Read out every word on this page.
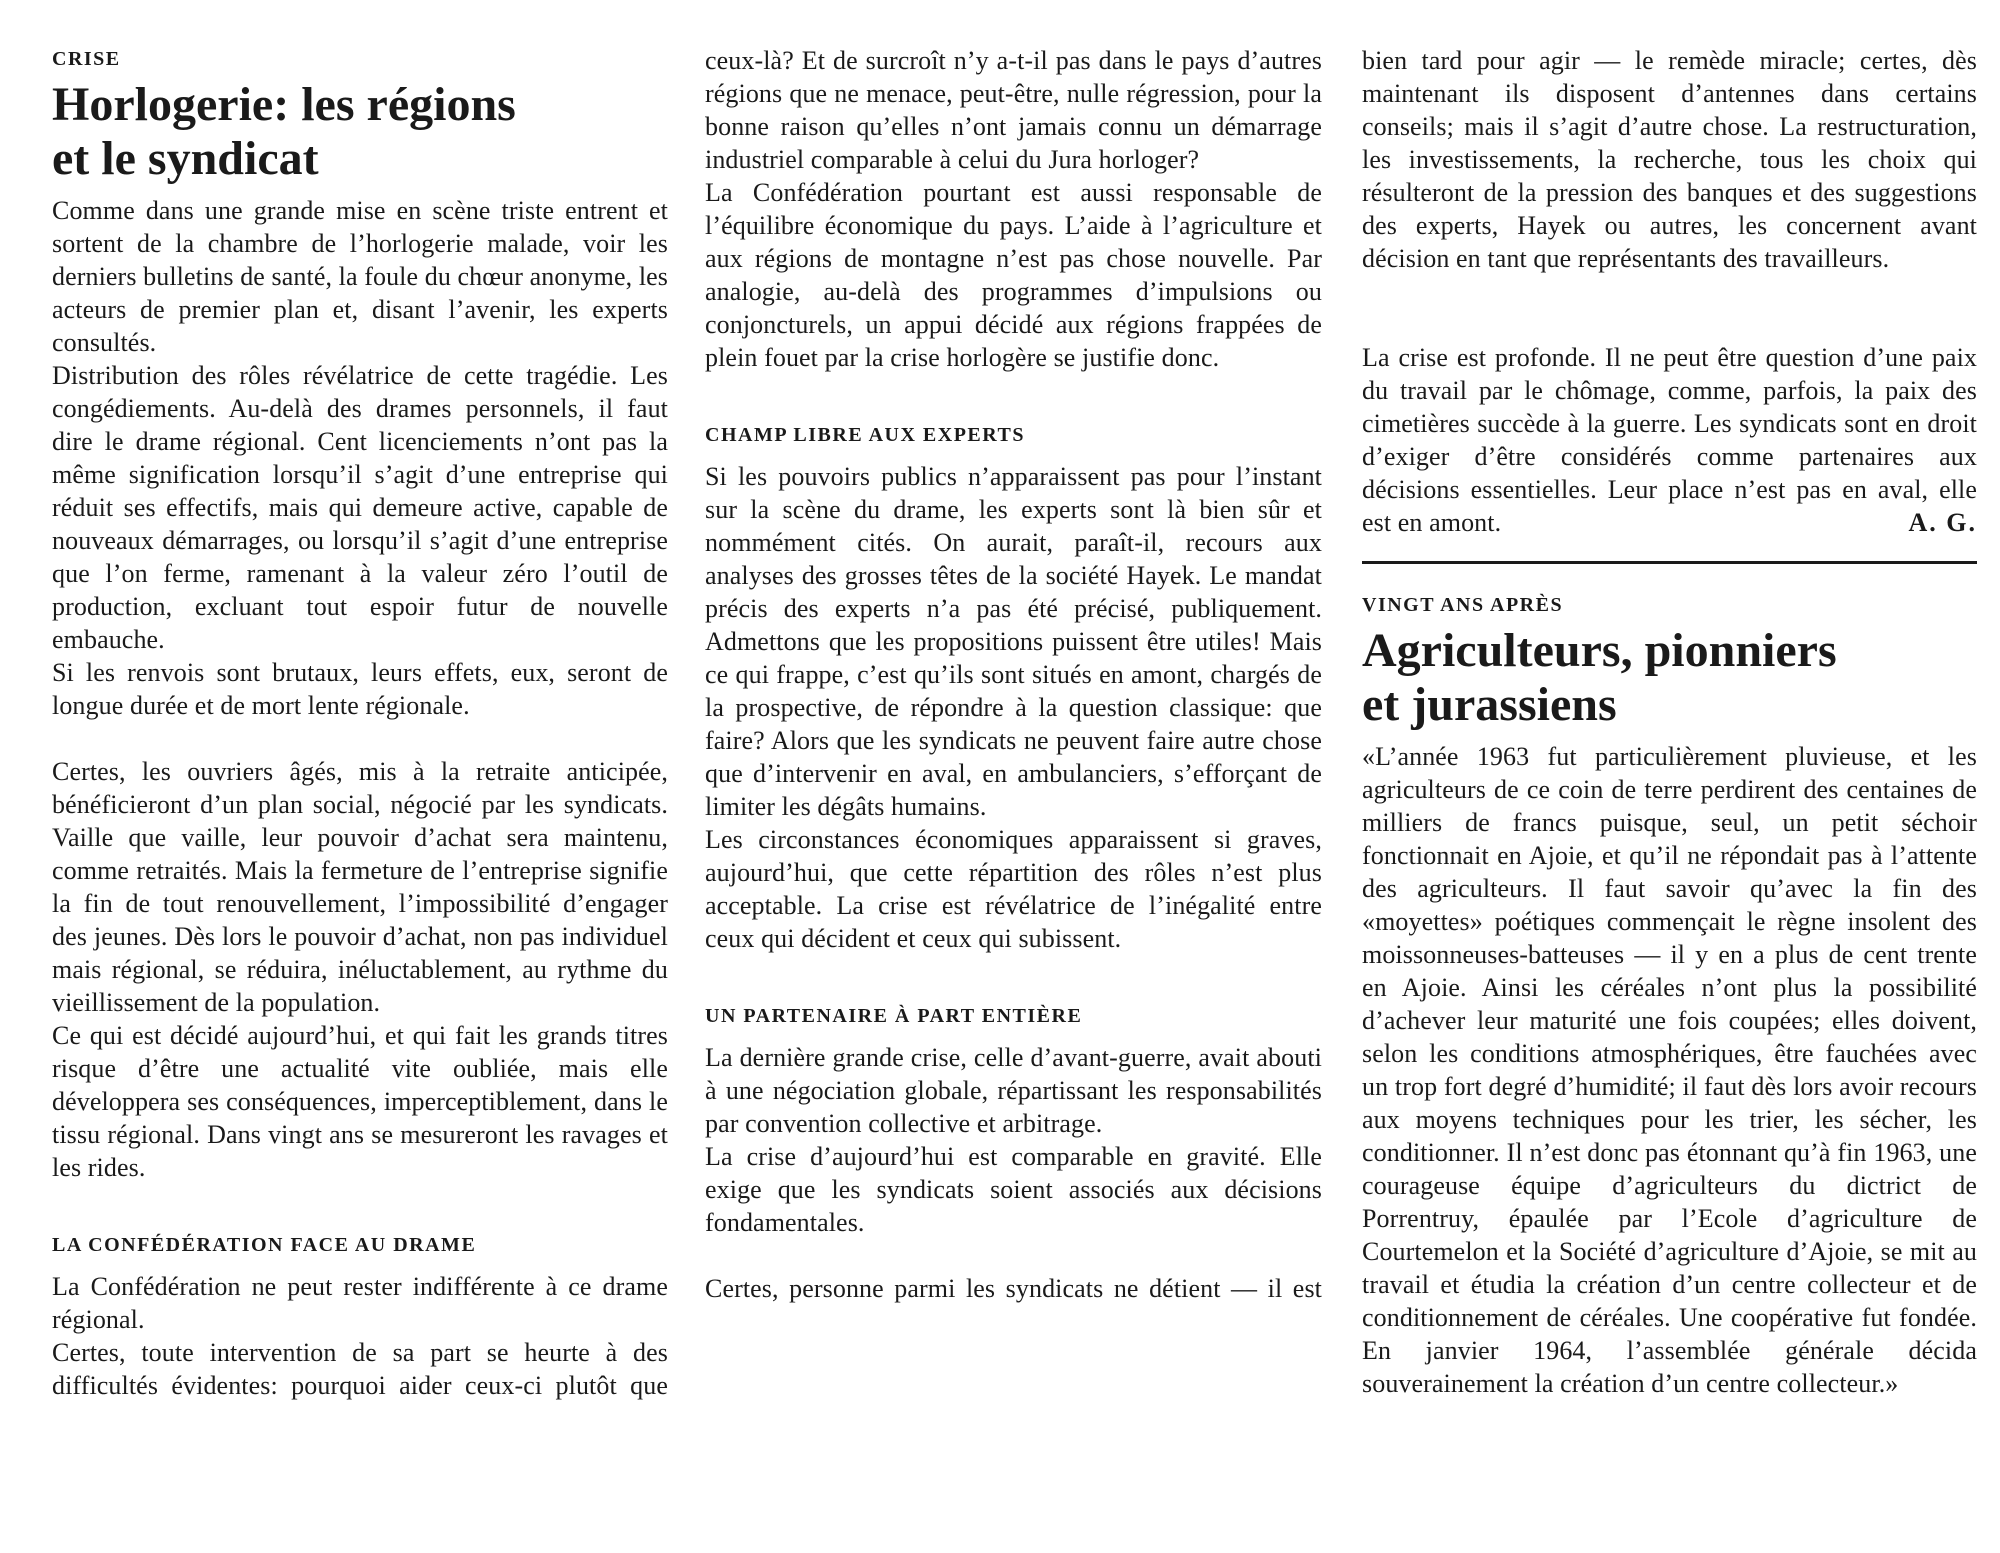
CRISE
Horlogerie: les régions
et le syndicat

Comme dans une grande mise en scène triste entrent et sortent de la chambre de l’horlogerie malade, voir les derniers bulletins de santé, la foule du chœur anonyme, les acteurs de premier plan et, disant l’avenir, les experts consultés.

Distribution des rôles révélatrice de cette tragédie. Les congédiements. Au-delà des drames personnels, il faut dire le drame régional. Cent licenciements n’ont pas la même signification lorsqu’il s’agit d’une entreprise qui réduit ses effectifs, mais qui demeure active, capable de nouveaux démarrages, ou lorsqu’il s’agit d’une entreprise que l’on ferme, ramenant à la valeur zéro l’outil de production, excluant tout espoir futur de nouvelle embauche.

Si les renvois sont brutaux, leurs effets, eux, seront de longue durée et de mort lente régionale.

Certes, les ouvriers âgés, mis à la retraite anticipée, bénéficieront d’un plan social, négocié par les syndicats. Vaille que vaille, leur pouvoir d’achat sera maintenu, comme retraités. Mais la fermeture de l’entreprise signifie la fin de tout renouvellement, l’impossibilité d’engager des jeunes. Dès lors le pouvoir d’achat, non pas individuel mais régional, se réduira, inéluctablement, au rythme du vieillissement de la population.

Ce qui est décidé aujourd’hui, et qui fait les grands titres risque d’être une actualité vite oubliée, mais elle développera ses conséquences, imperceptiblement, dans le tissu régional. Dans vingt ans se mesureront les ravages et les rides.

LA CONFÉDÉRATION FACE AU DRAME

La Confédération ne peut rester indifférente à ce drame régional.

Certes, toute intervention de sa part se heurte à des difficultés évidentes: pourquoi aider ceux-ci plutôt que

ceux-là? Et de surcroît n’y a-t-il pas dans le pays d’autres régions que ne menace, peut-être, nulle régression, pour la bonne raison qu’elles n’ont jamais connu un démarrage industriel comparable à celui du Jura horloger?

La Confédération pourtant est aussi responsable de l’équilibre économique du pays. L’aide à l’agriculture et aux régions de montagne n’est pas chose nouvelle. Par analogie, au-delà des programmes d’impulsions ou conjoncturels, un appui décidé aux régions frappées de plein fouet par la crise horlogère se justifie donc.

CHAMP LIBRE AUX EXPERTS

Si les pouvoirs publics n’apparaissent pas pour l’instant sur la scène du drame, les experts sont là bien sûr et nommément cités. On aurait, paraît-il, recours aux analyses des grosses têtes de la société Hayek. Le mandat précis des experts n’a pas été précisé, publiquement. Admettons que les propositions puissent être utiles! Mais ce qui frappe, c’est qu’ils sont situés en amont, chargés de la prospective, de répondre à la question classique: que faire? Alors que les syndicats ne peuvent faire autre chose que d’intervenir en aval, en ambulanciers, s’efforçant de limiter les dégâts humains.

Les circonstances économiques apparaissent si graves, aujourd’hui, que cette répartition des rôles n’est plus acceptable. La crise est révélatrice de l’inégalité entre ceux qui décident et ceux qui subissent.

UN PARTENAIRE À PART ENTIÈRE

La dernière grande crise, celle d’avant-guerre, avait abouti à une négociation globale, répartissant les responsabilités par convention collective et arbitrage.

La crise d’aujourd’hui est comparable en gravité. Elle exige que les syndicats soient associés aux décisions fondamentales.

Certes, personne parmi les syndicats ne détient — il est

bien tard pour agir — le remède miracle; certes, dès maintenant ils disposent d’antennes dans certains conseils; mais il s’agit d’autre chose. La restructuration, les investissements, la recherche, tous les choix qui résulteront de la pression des banques et des suggestions des experts, Hayek ou autres, les concernent avant décision en tant que représentants des travailleurs.

La crise est profonde. Il ne peut être question d’une paix du travail par le chômage, comme, parfois, la paix des cimetières succède à la guerre. Les syndicats sont en droit d’exiger d’être considérés comme partenaires aux décisions essentielles. Leur place n’est pas en aval, elle est en amont.	A. G.

VINGT ANS APRÈS
Agriculteurs, pionniers
et jurassiens

«L’année 1963 fut particulièrement pluvieuse, et les agriculteurs de ce coin de terre perdirent des centaines de milliers de francs puisque, seul, un petit séchoir fonctionnait en Ajoie, et qu’il ne répondait pas à l’attente des agriculteurs. Il faut savoir qu’avec la fin des «moyettes» poétiques commençait le règne insolent des moissonneuses-batteuses — il y en a plus de cent trente en Ajoie. Ainsi les céréales n’ont plus la possibilité d’achever leur maturité une fois coupées; elles doivent, selon les conditions atmosphériques, être fauchées avec un trop fort degré d’humidité; il faut dès lors avoir recours aux moyens techniques pour les trier, les sécher, les conditionner. Il n’est donc pas étonnant qu’à fin 1963, une courageuse équipe d’agriculteurs du dictrict de Porrentruy, épaulée par l’Ecole d’agriculture de Courtemelon et la Société d’agriculture d’Ajoie, se mit au travail et étudia la création d’un centre collecteur et de conditionnement de céréales. Une coopérative fut fondée. En janvier 1964, l’assemblée générale décida souverainement la création d’un centre collecteur.»
